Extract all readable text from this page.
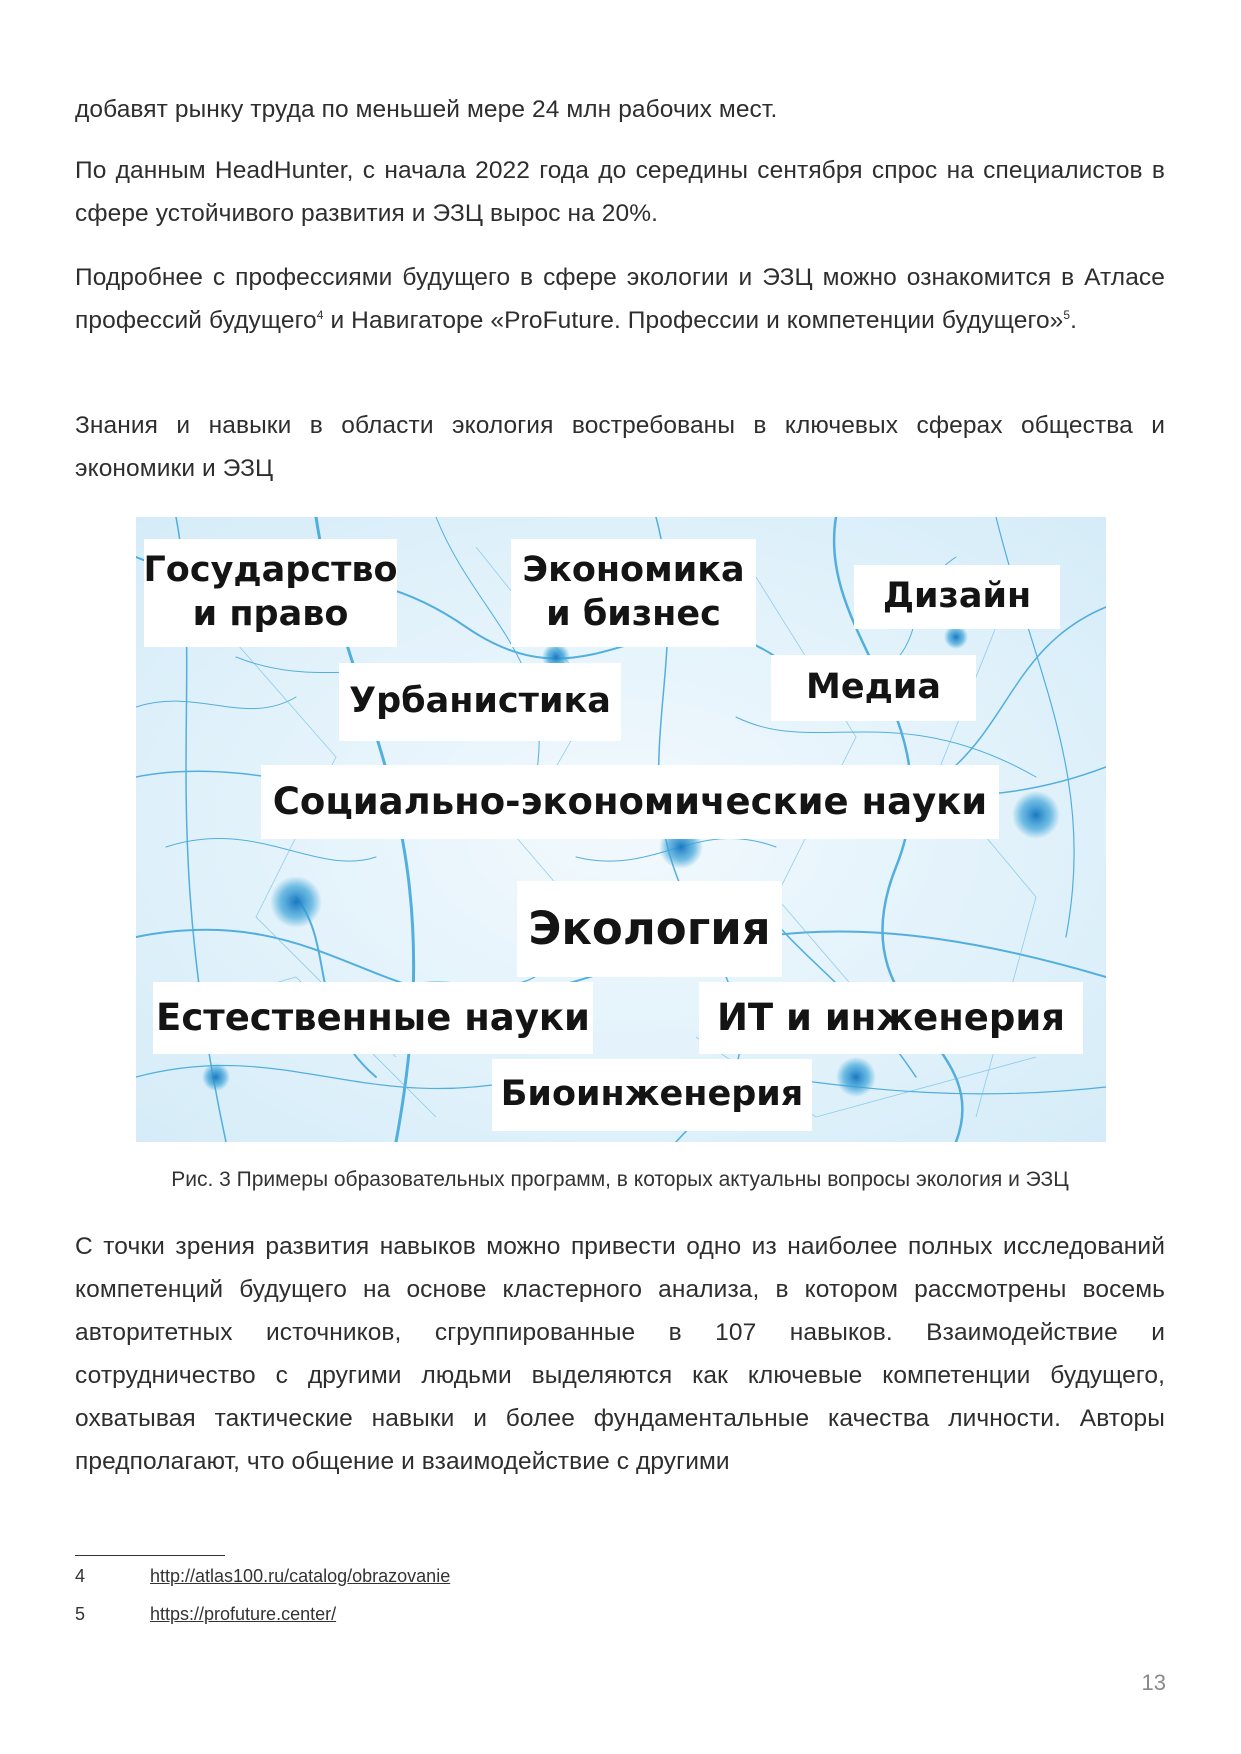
добавят рынку труда по меньшей мере 24 млн рабочих мест.

По данным HeadHunter, с начала 2022 года до середины сентября спрос на специалистов в сфере устойчивого развития и ЭЗЦ вырос на 20%.

Подробнее с профессиями будущего в сфере экологии и ЭЗЦ можно ознакомится в Атласе профессий будущего$^4$ и Навигаторе «ProFuture. Профессии и компетенции будущего»$^5$.

Знания и навыки в области экология востребованы в ключевых сферах общества и экономики и ЭЗЦ

Государство и право
Экономика и бизнес	Дизайн
Урбанистика	Медиа
Социально-экономические науки
Экология
Естественные науки	ИТ и инженерия
Биоинженерия
Рис. 3 Примеры образовательных программ, в которых актуальны вопросы экология и ЭЗЦ

С точки зрения развития навыков можно привести одно из наиболее полных исследований компетенций будущего на основе кластерного анализа, в котором рассмотрены восемь авторитетных источников, сгруппированные в 107 навыков. Взаимодействие и сотрудничество с другими людьми выделяются как ключевые компетенции будущего, охватывая тактические навыки и более фундаментальные качества личности. Авторы предполагают, что общение и взаимодействие с другими

4	http://atlas100.ru/catalog/obrazovanie
5	https://profuture.center/
13
